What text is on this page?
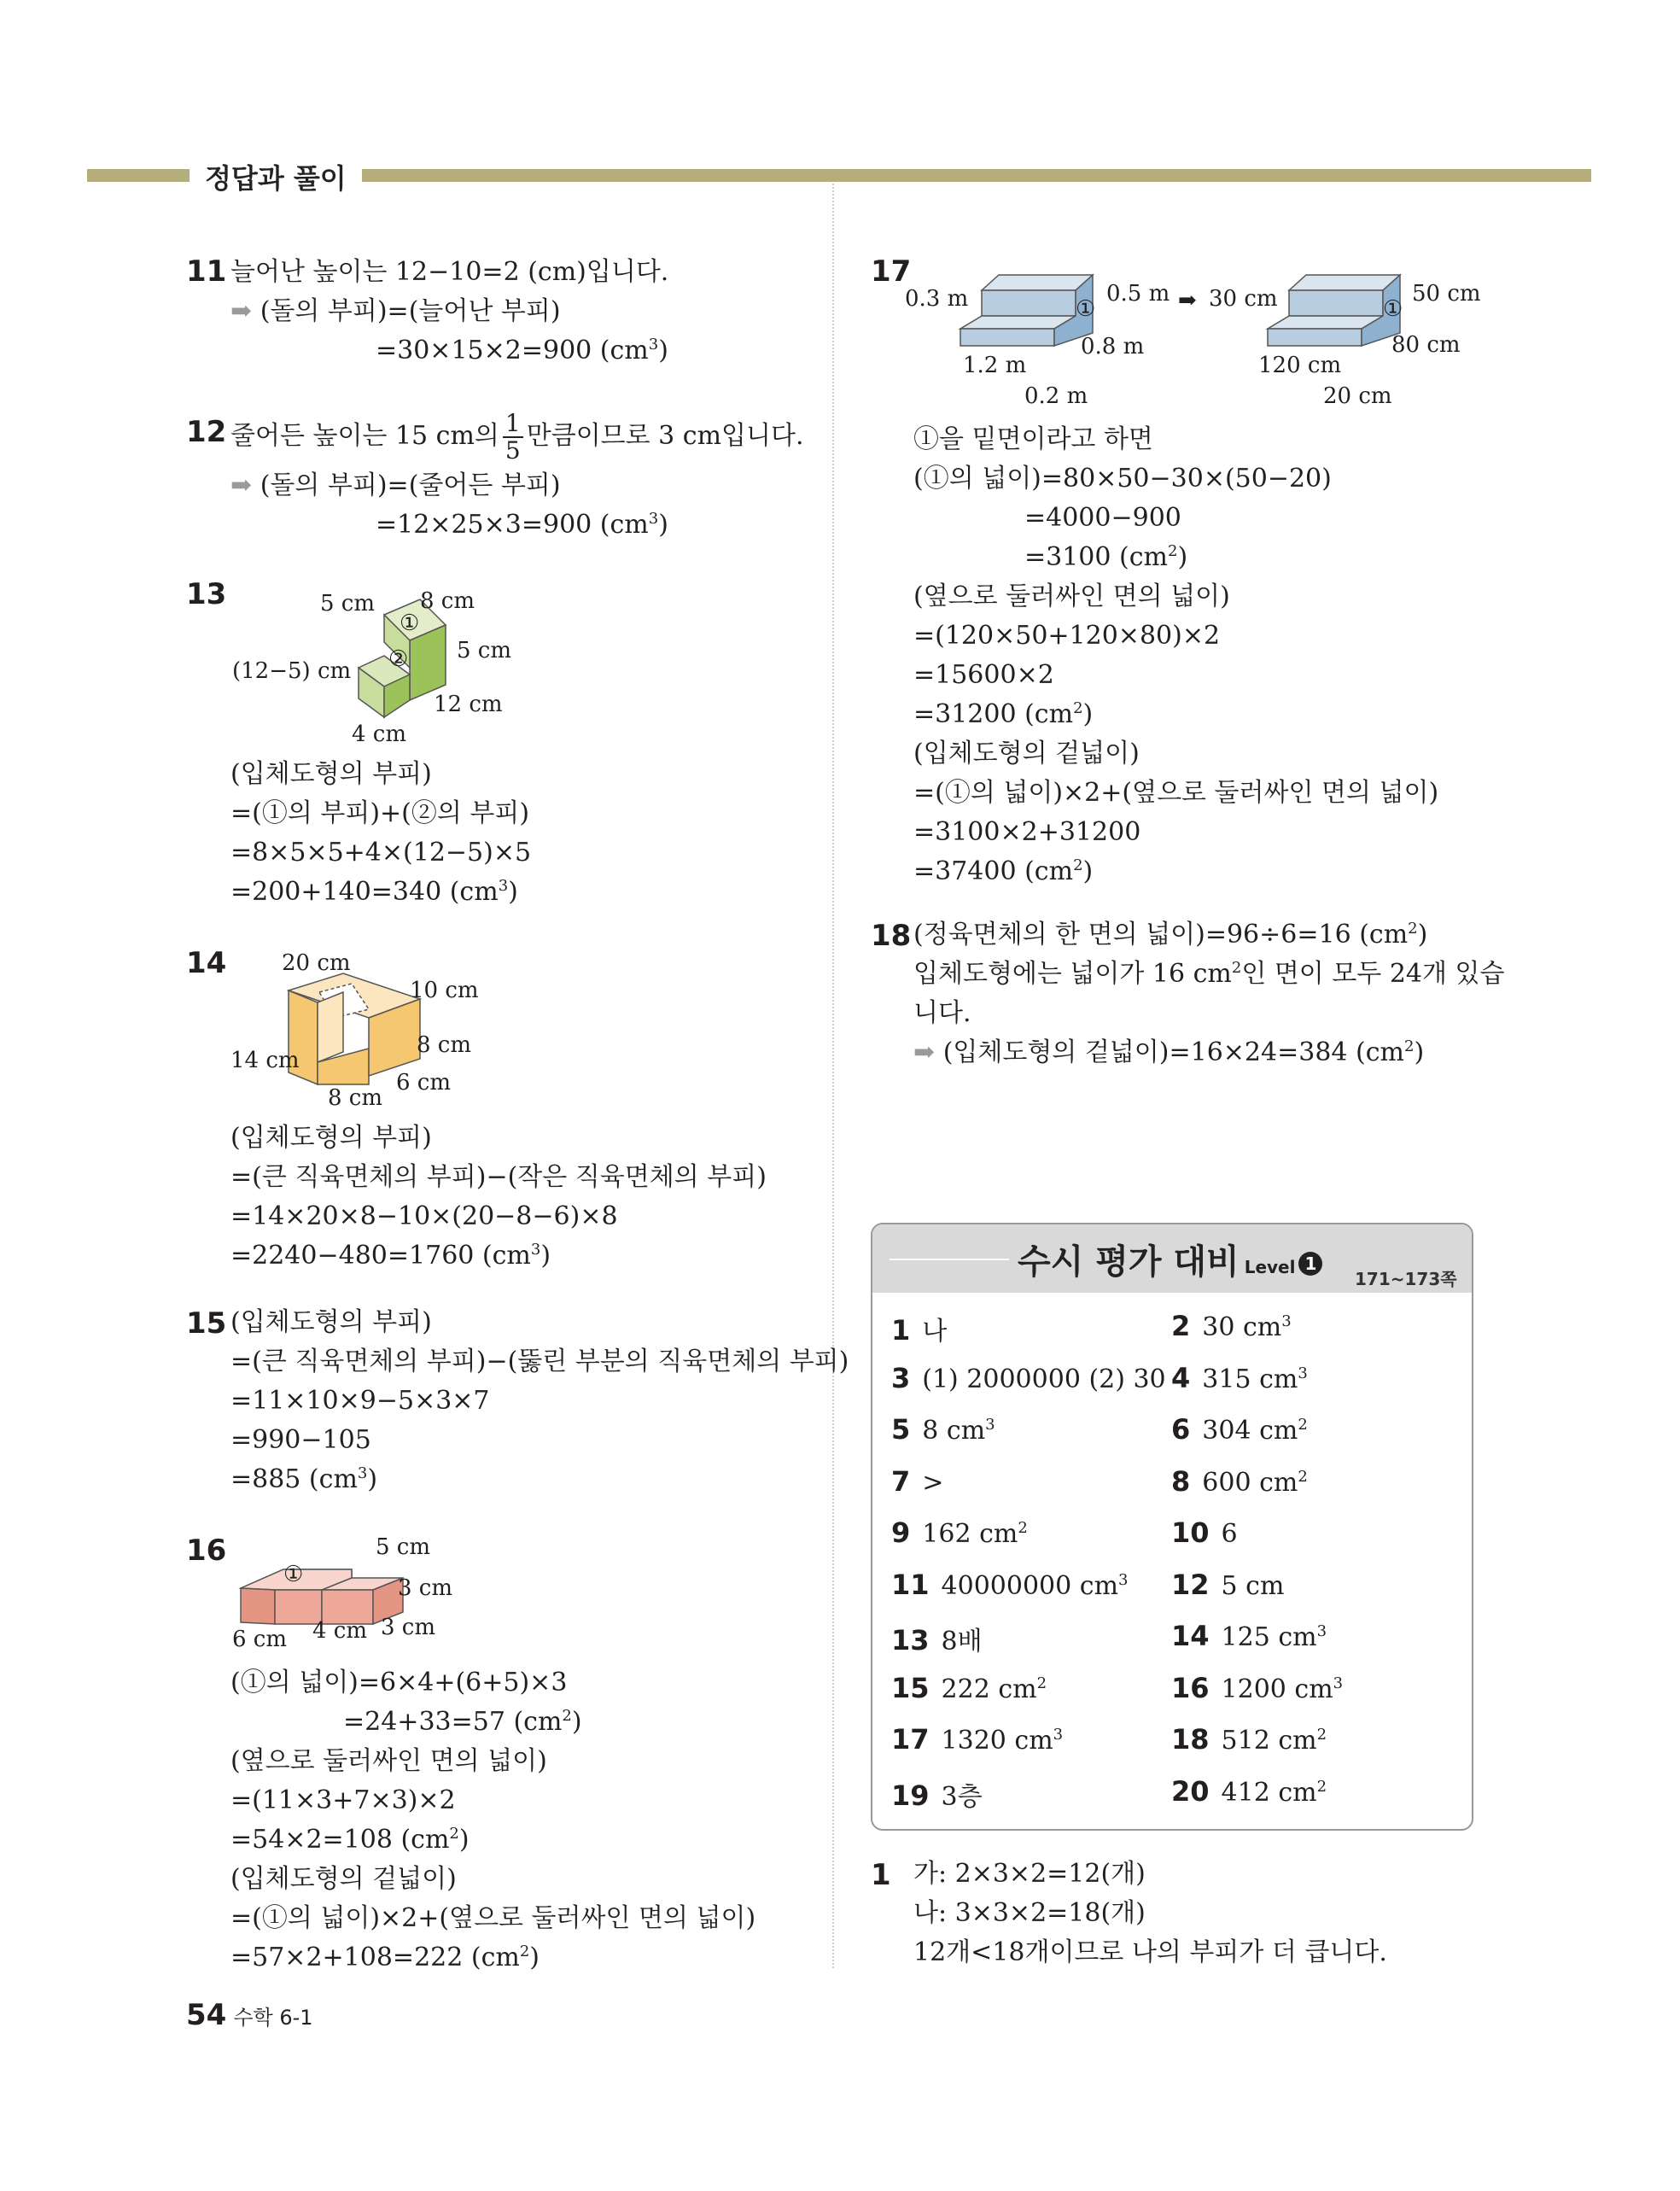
정답과 풀이
11 늘어난 높이는 12−10=2 (cm)입니다.
➡ (돌의 부피)=(늘어난 부피)
=30×15×2=900 $(cm^3)$
12 줄어든 높이는 15 cm의 $\frac{1}{5}$ 만큼이므로 3 cm입니다.
➡ (돌의 부피)=(줄어든 부피)
=12×25×3=900 $(cm^3)$
13	5 cm 8 cm
5 cm
(12−5) cm
12 cm
4 cm
①
②
(입체도형의 부피)
=(①의 부피)+(②의 부피)
=8×5×5+4×(12−5)×5
=200+140=340 $(cm^3)$
14 20 cm
10 cm
8 cm
14 cm
6 cm
8 cm
(입체도형의 부피)
=(큰 직육면체의 부피)−(작은 직육면체의 부피)
=14×20×8−10×(20−8−6)×8
=2240−480=1760 $(cm^3)$
15 (입체도형의 부피)
=(큰 직육면체의 부피)−(뚫린 부분의 직육면체의 부피)
=11×10×9−5×3×7
=990−105
=885 $(cm^3)$
16
①
5 cm
3 cm
3 cm
4 cm
6 cm
(①의 넓이)=6×4+(6+5)×3
=24+33=57 $(cm^2)$
(옆으로 둘러싸인 면의 넓이)
=(11×3+7×3)×2
=54×2=108 $(cm^2)$
(입체도형의 겉넓이)
=(①의 넓이)×2+(옆으로 둘러싸인 면의 넓이)
=57×2+108=222 $(cm^2)$
17
0.3 m	0.5 m
1.2 m
0.8 m
0.2 m
①	➡ 30 cm	50 cm
120 cm
80 cm
20 cm
①
①을 밑면이라고 하면
(①의 넓이)=80×50−30×(50−20)
=4000−900
=3100 $(cm^2)$
(옆으로 둘러싸인 면의 넓이)
=(120×50+120×80)×2
=15600×2
=31200 $(cm^2)$
(입체도형의 겉넓이)
=(①의 넓이)×2+(옆으로 둘러싸인 면의 넓이)
=3100×2+31200
=37400 $(cm^2)$
18 (정육면체의 한 면의 넓이)=96÷6=16 $(cm^2)$
입체도형에는 넓이가 16 $cm^2$인 면이 모두 24개 있습
니다.
➡ (입체도형의 겉넓이)=16×24=384 $(cm^2)$
수시 평가 대비 Level 1
171~173쪽
1 나	2 30 $cm^3$
3 (1) 2000000 (2) 30 4 315 $cm^3$
5 8 $cm^3$	6 304 $cm^2$
7 >	8 600 $cm^2$
9 162 $cm^2$	10 6
11 40000000 $cm^3$ 12 5 cm
13 8배	14 125 $cm^3$
15 222 $cm^2$	16 1200 $cm^3$
17 1320 $cm^3$	18 512 $cm^2$
19 3층	20 412 $cm^2$
1 가: 2×3×2=12(개)
나: 3×3×2=18(개)
12개<18개이므로 나의 부피가 더 큽니다.
54 수학 6-1
